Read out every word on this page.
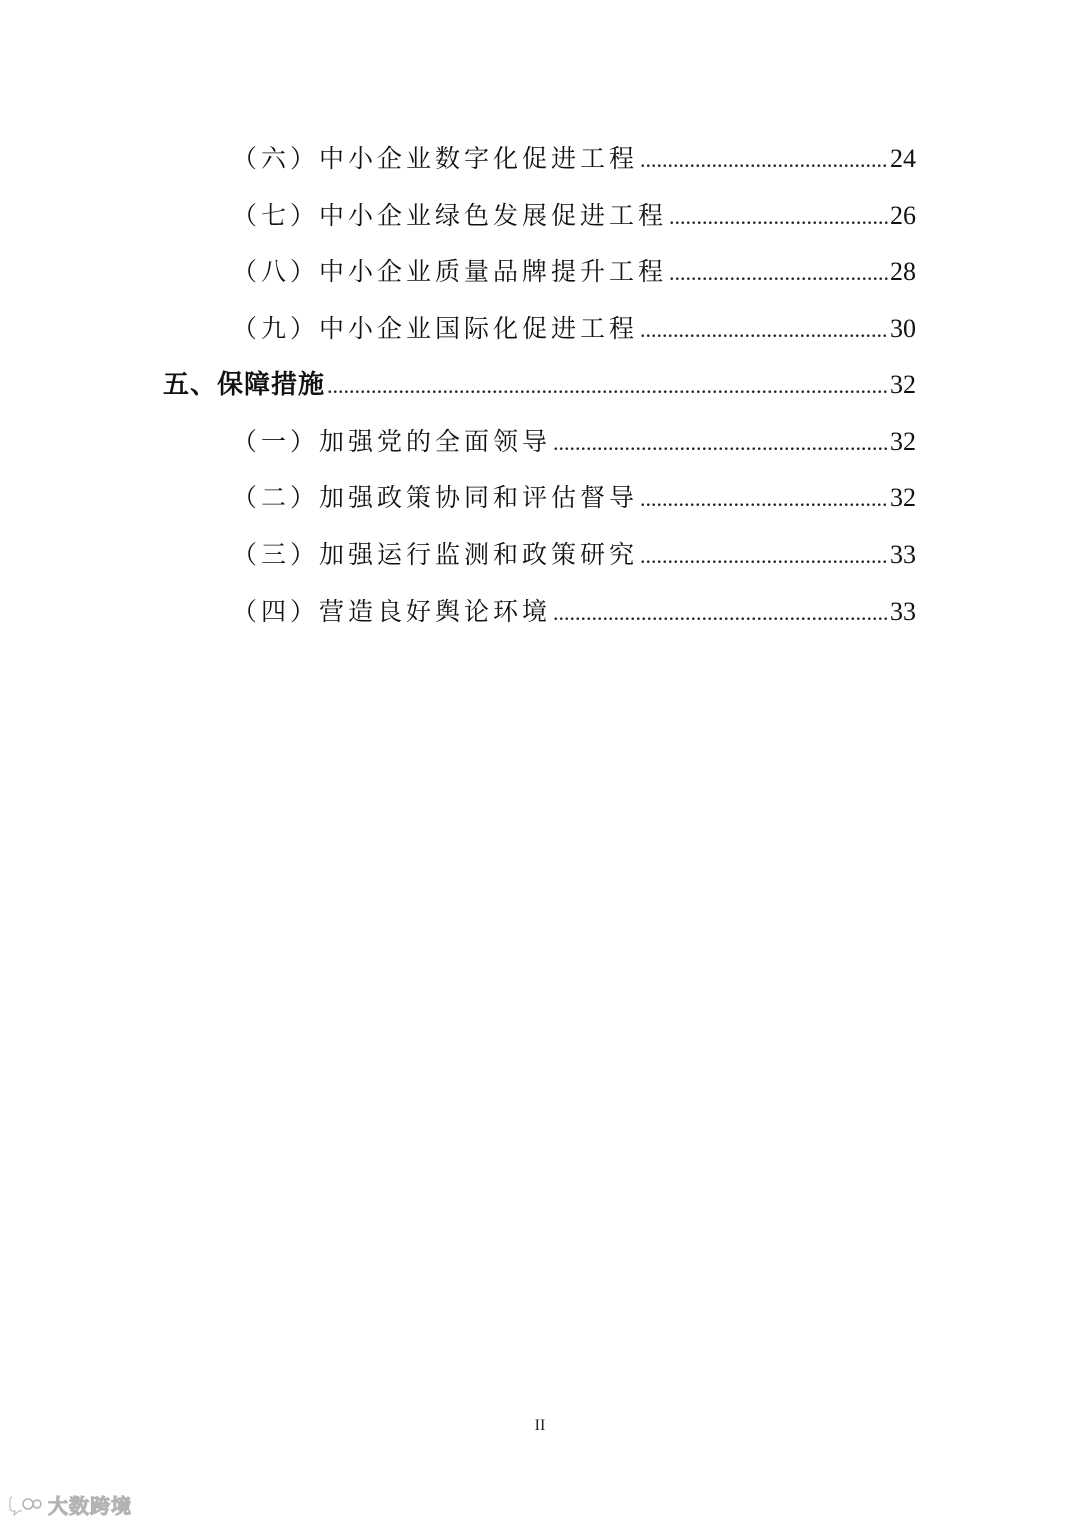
（六）中小企业数字化促进工程 .....	24
（七）中小企业绿色发展促进工程 .....	26
（八）中小企业质量品牌提升工程 .....	28
（九）中小企业国际化促进工程 .....	30
五、保障措施 .....	32
（一）加强党的全面领导 .....	32
（二）加强政策协同和评估督导 .....	32
（三）加强运行监测和政策研究 .....	33
（四）营造良好舆论环境 .....	33
II
大数跨境
